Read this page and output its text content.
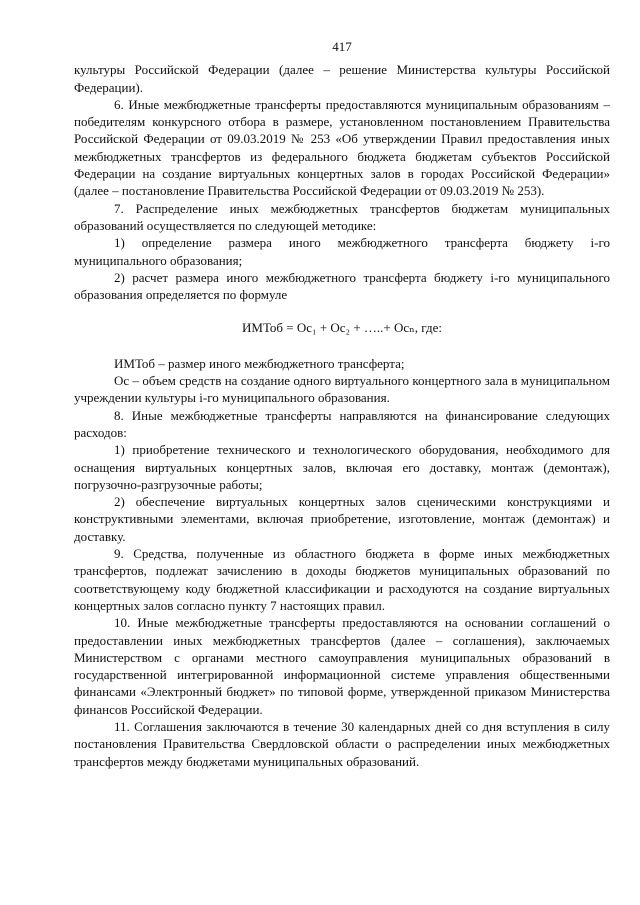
417

культуры Российской Федерации (далее – решение Министерства культуры Российской Федерации).

6. Иные межбюджетные трансферты предоставляются муниципальным образованиям – победителям конкурсного отбора в размере, установленном постановлением Правительства Российской Федерации от 09.03.2019 № 253 «Об утверждении Правил предоставления иных межбюджетных трансфертов из федерального бюджета бюджетам субъектов Российской Федерации на создание виртуальных концертных залов в городах Российской Федерации» (далее – постановление Правительства Российской Федерации от 09.03.2019 № 253).

7. Распределение иных межбюджетных трансфертов бюджетам муниципальных образований осуществляется по следующей методике:

1) определение размера иного межбюджетного трансферта бюджету i-го муниципального образования;

2) расчет размера иного межбюджетного трансферта бюджету i-го муниципального образования определяется по формуле

ИМТоб = Ос₁ + Ос₂ + …..+ Осₙ, где:

ИМТоб – размер иного межбюджетного трансферта;

Ос – объем средств на создание одного виртуального концертного зала в муниципальном учреждении культуры i-го муниципального образования.

8. Иные межбюджетные трансферты направляются на финансирование следующих расходов:

1) приобретение технического и технологического оборудования, необходимого для оснащения виртуальных концертных залов, включая его доставку, монтаж (демонтаж), погрузочно-разгрузочные работы;

2) обеспечение виртуальных концертных залов сценическими конструкциями и конструктивными элементами, включая приобретение, изготовление, монтаж (демонтаж) и доставку.

9. Средства, полученные из областного бюджета в форме иных межбюджетных трансфертов, подлежат зачислению в доходы бюджетов муниципальных образований по соответствующему коду бюджетной классификации и расходуются на создание виртуальных концертных залов согласно пункту 7 настоящих правил.

10. Иные межбюджетные трансферты предоставляются на основании соглашений о предоставлении иных межбюджетных трансфертов (далее – соглашения), заключаемых Министерством с органами местного самоуправления муниципальных образований в государственной интегрированной информационной системе управления общественными финансами «Электронный бюджет» по типовой форме, утвержденной приказом Министерства финансов Российской Федерации.

11. Соглашения заключаются в течение 30 календарных дней со дня вступления в силу постановления Правительства Свердловской области о распределении иных межбюджетных трансфертов между бюджетами муниципальных образований.
